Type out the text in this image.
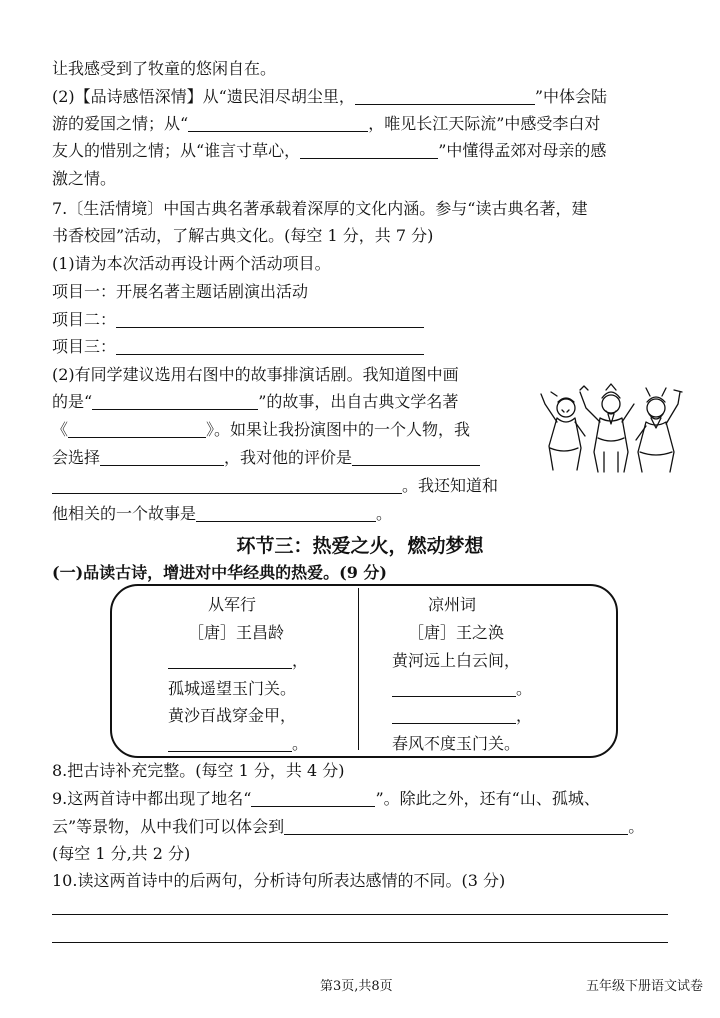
让我感受到了牧童的悠闲自在。
(2)【品诗感悟深情】从“遗民泪尽胡尘里，	”中体会陆
游的爱国之情；从“	，唯见长江天际流”中感受李白对
友人的惜别之情；从“谁言寸草心，	”中懂得孟郊对母亲的感
激之情。
7.〔生活情境〕中国古典名著承载着深厚的文化内涵。参与“读古典名著，建
书香校园”活动，了解古典文化。(每空 1 分，共 7 分)
(1)请为本次活动再设计两个活动项目。
项目一：开展名著主题话剧演出活动
项目二：
项目三：
(2)有同学建议选用右图中的故事排演话剧。我知道图中画
的是“	”的故事，出自古典文学名著
《	》。如果让我扮演图中的一个人物，我
会选择	，我对他的评价是
。我还知道和
他相关的一个故事是	。
环节三：热爱之火，燃动梦想
(一)品读古诗，增进对中华经典的热爱。(9 分)
从军行
［唐］王昌龄
，
孤城遥望玉门关。
黄沙百战穿金甲，
。
凉州词
［唐］王之涣
黄河远上白云间，
。
，
春风不度玉门关。
8.把古诗补充完整。(每空 1 分，共 4 分)
9.这两首诗中都出现了地名“	”。除此之外，还有“山、孤城、
云”等景物，从中我们可以体会到	。
(每空 1 分,共 2 分)
10.读这两首诗中的后两句，分析诗句所表达感情的不同。(3 分)
第3页,共8页	五年级下册语文试卷
